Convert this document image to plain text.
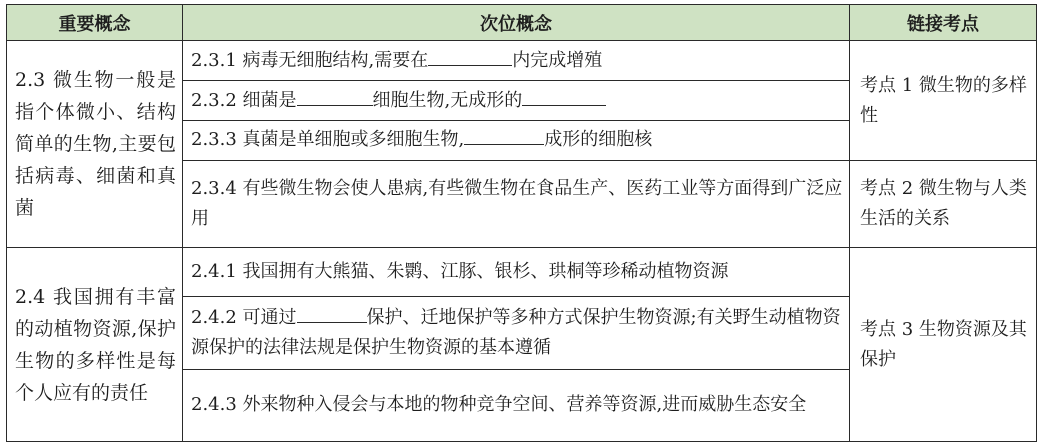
重要概念	次位概念	链接考点
2.3 微生物一般是指个体微小、结构简单的生物,主要包括病毒、细菌和真菌	2.3.1 病毒无细胞结构,需要在 内完成增殖	考点 1 微生物的多样性
	2.3.2 细菌是 细胞生物,无成形的	
	2.3.3 真菌是单细胞或多细胞生物, 成形的细胞核	
	2.3.4 有些微生物会使人患病,有些微生物在食品生产、医药工业等方面得到广泛应用	考点 2 微生物与人类生活的关系
2.4 我国拥有丰富的动植物资源,保护生物的多样性是每个人应有的责任	2.4.1 我国拥有大熊猫、朱鹮、江豚、银杉、珙桐等珍稀动植物资源	考点 3 生物资源及其保护
	2.4.2 可通过 保护、迁地保护等多种方式保护生物资源;有关野生动植物资源保护的法律法规是保护生物资源的基本遵循	
	2.4.3 外来物种入侵会与本地的物种竞争空间、营养等资源,进而威胁生态安全	
